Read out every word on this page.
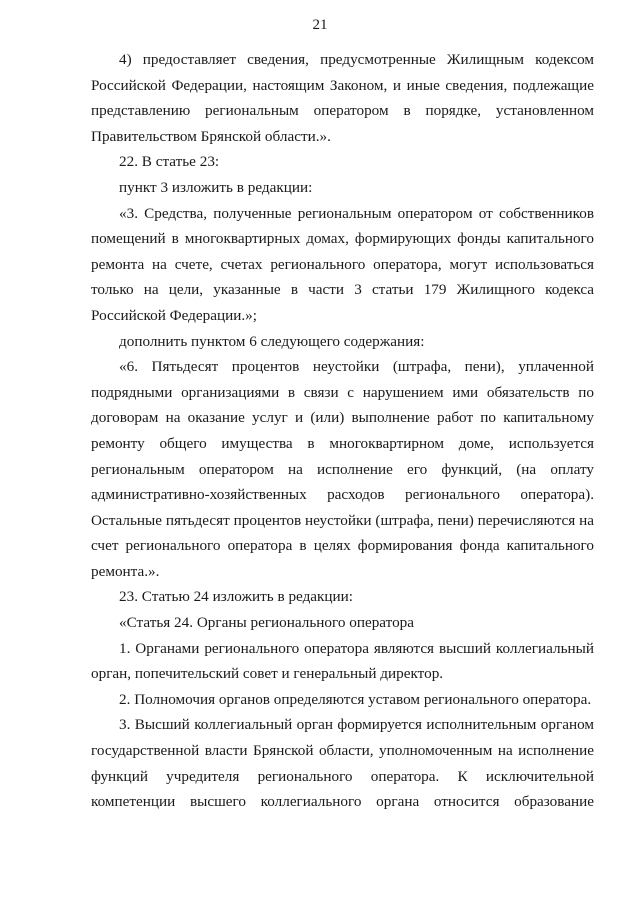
21
4) предоставляет сведения, предусмотренные Жилищным кодексом
Российской Федерации, настоящим Законом, и иные сведения, подлежащие
представлению региональным оператором в порядке, установленном
Правительством Брянской области.».
22. В статье 23:
пункт 3 изложить в редакции:
«3. Средства, полученные региональным оператором от собственников
помещений в многоквартирных домах, формирующих фонды капитального
ремонта на счете, счетах регионального оператора, могут использоваться
только на цели, указанные в части 3 статьи 179 Жилищного кодекса
Российской Федерации.»;
дополнить пунктом 6 следующего содержания:
«6. Пятьдесят процентов неустойки (штрафа, пени), уплаченной
подрядными организациями в связи с нарушением ими обязательств по
договорам на оказание услуг и (или) выполнение работ по капитальному
ремонту общего имущества в многоквартирном доме, используется
региональным оператором на исполнение его функций, (на оплату
административно-хозяйственных расходов регионального оператора).
Остальные пятьдесят процентов неустойки (штрафа, пени) перечисляются на
счет регионального оператора в целях формирования фонда капитального
ремонта.».
23. Статью 24 изложить в редакции:
«Статья 24. Органы регионального оператора
1. Органами регионального оператора являются высший коллегиальный
орган, попечительский совет и генеральный директор.
2. Полномочия органов определяются уставом регионального оператора.
3. Высший коллегиальный орган формируется исполнительным органом
государственной власти Брянской области, уполномоченным на исполнение
функций учредителя регионального оператора. К исключительной
компетенции высшего коллегиального органа относится образование
